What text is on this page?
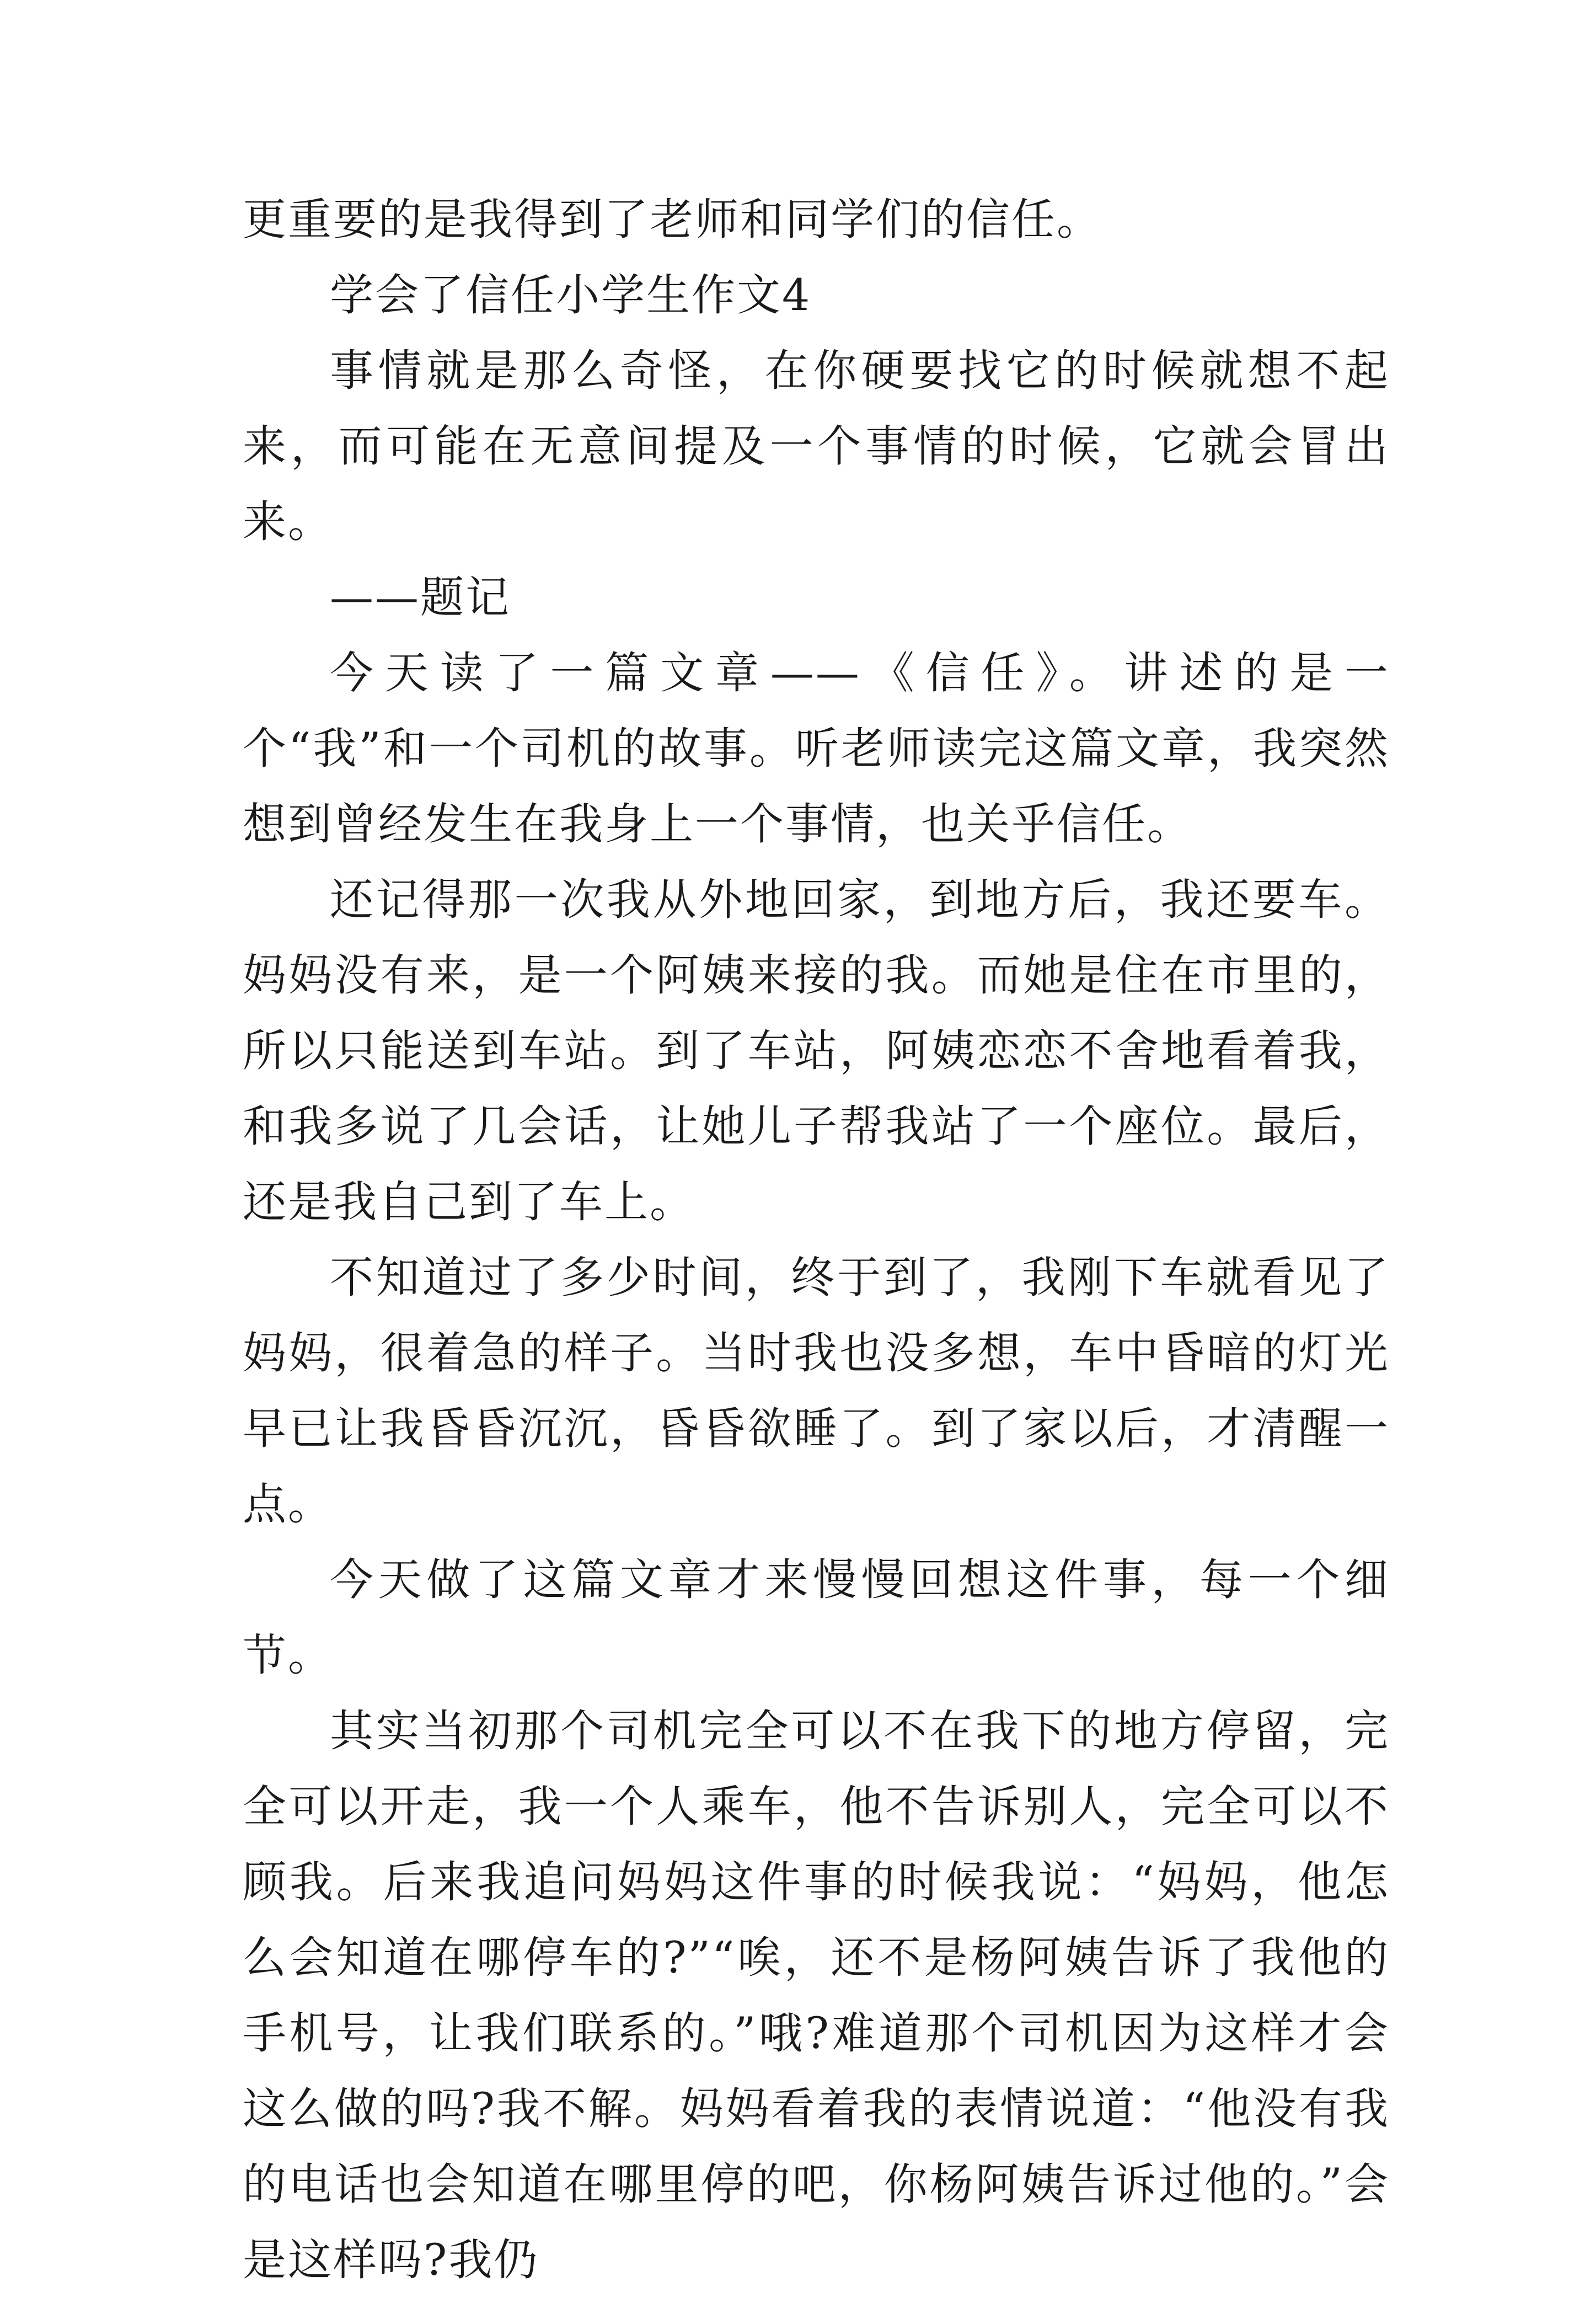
更重要的是我得到了老师和同学们的信任。

学会了信任小学生作文4

事情就是那么奇怪，在你硬要找它的时候就想不起来，而可能在无意间提及一个事情的时候，它就会冒出来。

——题记

今天读了一篇文章——《信任》。讲述的是一个“我”和一个司机的故事。听老师读完这篇文章，我突然想到曾经发生在我身上一个事情，也关乎信任。

还记得那一次我从外地回家，到地方后，我还要车。妈妈没有来，是一个阿姨来接的我。而她是住在市里的，所以只能送到车站。到了车站，阿姨恋恋不舍地看着我，和我多说了几会话，让她儿子帮我站了一个座位。最后，还是我自己到了车上。

不知道过了多少时间，终于到了，我刚下车就看见了妈妈，很着急的样子。当时我也没多想，车中昏暗的灯光早已让我昏昏沉沉，昏昏欲睡了。到了家以后，才清醒一点。

今天做了这篇文章才来慢慢回想这件事，每一个细节。

其实当初那个司机完全可以不在我下的地方停留，完全可以开走，我一个人乘车，他不告诉别人，完全可以不顾我。后来我追问妈妈这件事的时候我说：“妈妈，他怎么会知道在哪停车的?”“唉，还不是杨阿姨告诉了我他的手机号，让我们联系的。”哦?难道那个司机因为这样才会这么做的吗?我不解。妈妈看着我的表情说道：“他没有我的电话也会知道在哪里停的吧，你杨阿姨告诉过他的。”会是这样吗?我仍
